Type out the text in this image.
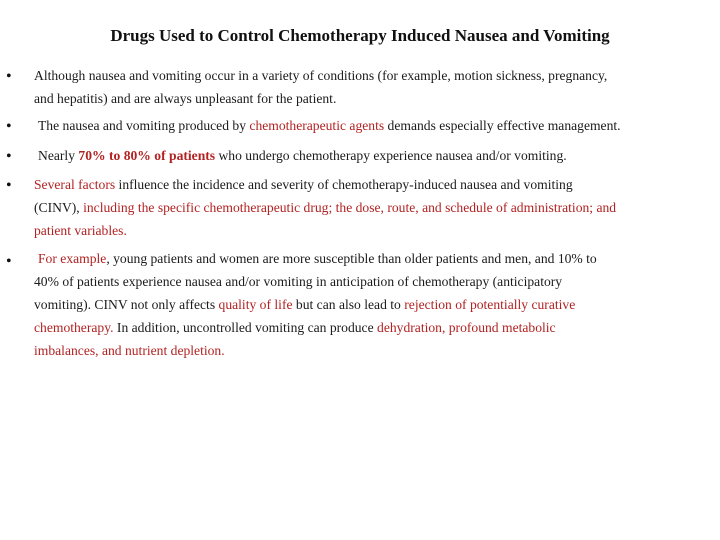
Drugs Used to Control Chemotherapy Induced Nausea and Vomiting
•	Although nausea and vomiting occur in a variety of conditions (for example, motion sickness, pregnancy,
and hepatitis) and are always unpleasant for the patient.
•	The nausea and vomiting produced by chemotherapeutic agents demands especially effective management.
•	Nearly 70% to 80% of patients who undergo chemotherapy experience nausea and/or vomiting.
•	Several factors influence the incidence and severity of chemotherapy-induced nausea and vomiting
(CINV), including the specific chemotherapeutic drug; the dose, route, and schedule of administration; and
patient variables.
•	For example, young patients and women are more susceptible than older patients and men, and 10% to
40% of patients experience nausea and/or vomiting in anticipation of chemotherapy (anticipatory
vomiting). CINV not only affects quality of life but can also lead to rejection of potentially curative
chemotherapy. In addition, uncontrolled vomiting can produce dehydration, profound metabolic
imbalances, and nutrient depletion.
